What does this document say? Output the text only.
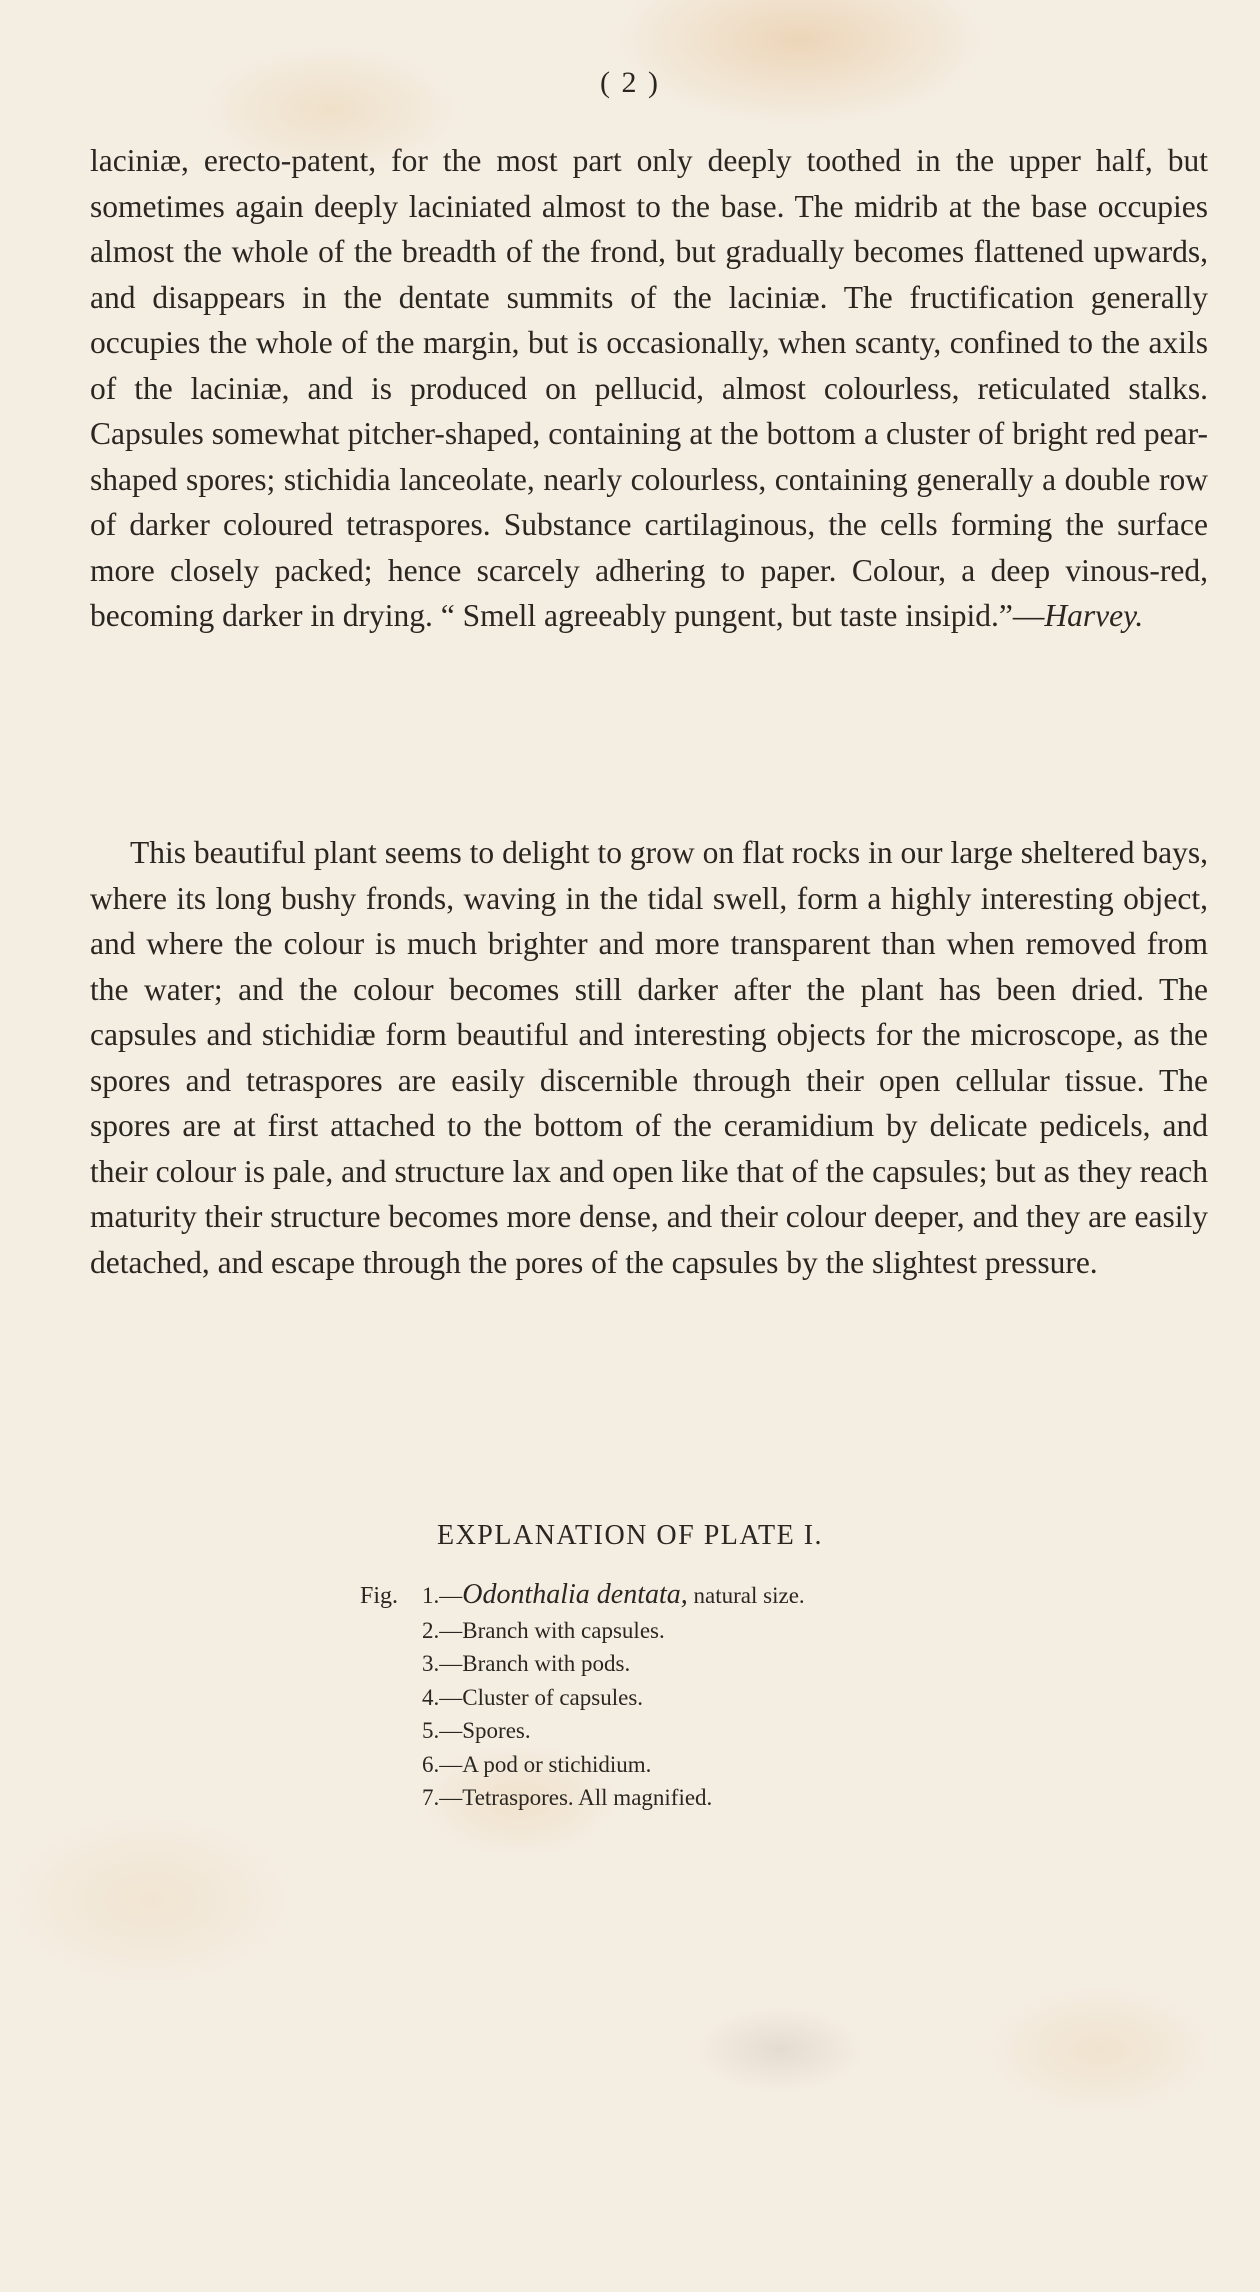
( 2 )

laciniæ, erecto-patent, for the most part only deeply toothed in the upper half, but sometimes again deeply laciniated almost to the base. The midrib at the base occupies almost the whole of the breadth of the frond, but gradually becomes flattened upwards, and disappears in the dentate summits of the laciniæ. The fructification generally occupies the whole of the margin, but is occasionally, when scanty, confined to the axils of the laciniæ, and is produced on pellucid, almost colourless, reticulated stalks. Capsules somewhat pitcher-shaped, containing at the bottom a cluster of bright red pear-shaped spores; stichidia lanceolate, nearly colourless, containing generally a double row of darker coloured tetraspores. Substance cartilaginous, the cells forming the surface more closely packed; hence scarcely adhering to paper. Colour, a deep vinous-red, becoming darker in drying. “ Smell agreeably pungent, but taste insipid.”—Harvey.

This beautiful plant seems to delight to grow on flat rocks in our large sheltered bays, where its long bushy fronds, waving in the tidal swell, form a highly interesting object, and where the colour is much brighter and more transparent than when removed from the water; and the colour becomes still darker after the plant has been dried. The capsules and stichidiæ form beautiful and interesting objects for the microscope, as the spores and tetraspores are easily discernible through their open cellular tissue. The spores are at first attached to the bottom of the ceramidium by delicate pedicels, and their colour is pale, and structure lax and open like that of the capsules; but as they reach maturity their structure becomes more dense, and their colour deeper, and they are easily detached, and escape through the pores of the capsules by the slightest pressure.

EXPLANATION OF PLATE I.
Fig. 1.—Odonthalia dentata, natural size.
2.—Branch with capsules.
3.—Branch with pods.
4.—Cluster of capsules.
5.—Spores.
6.—A pod or stichidium.
7.—Tetraspores. All magnified.
